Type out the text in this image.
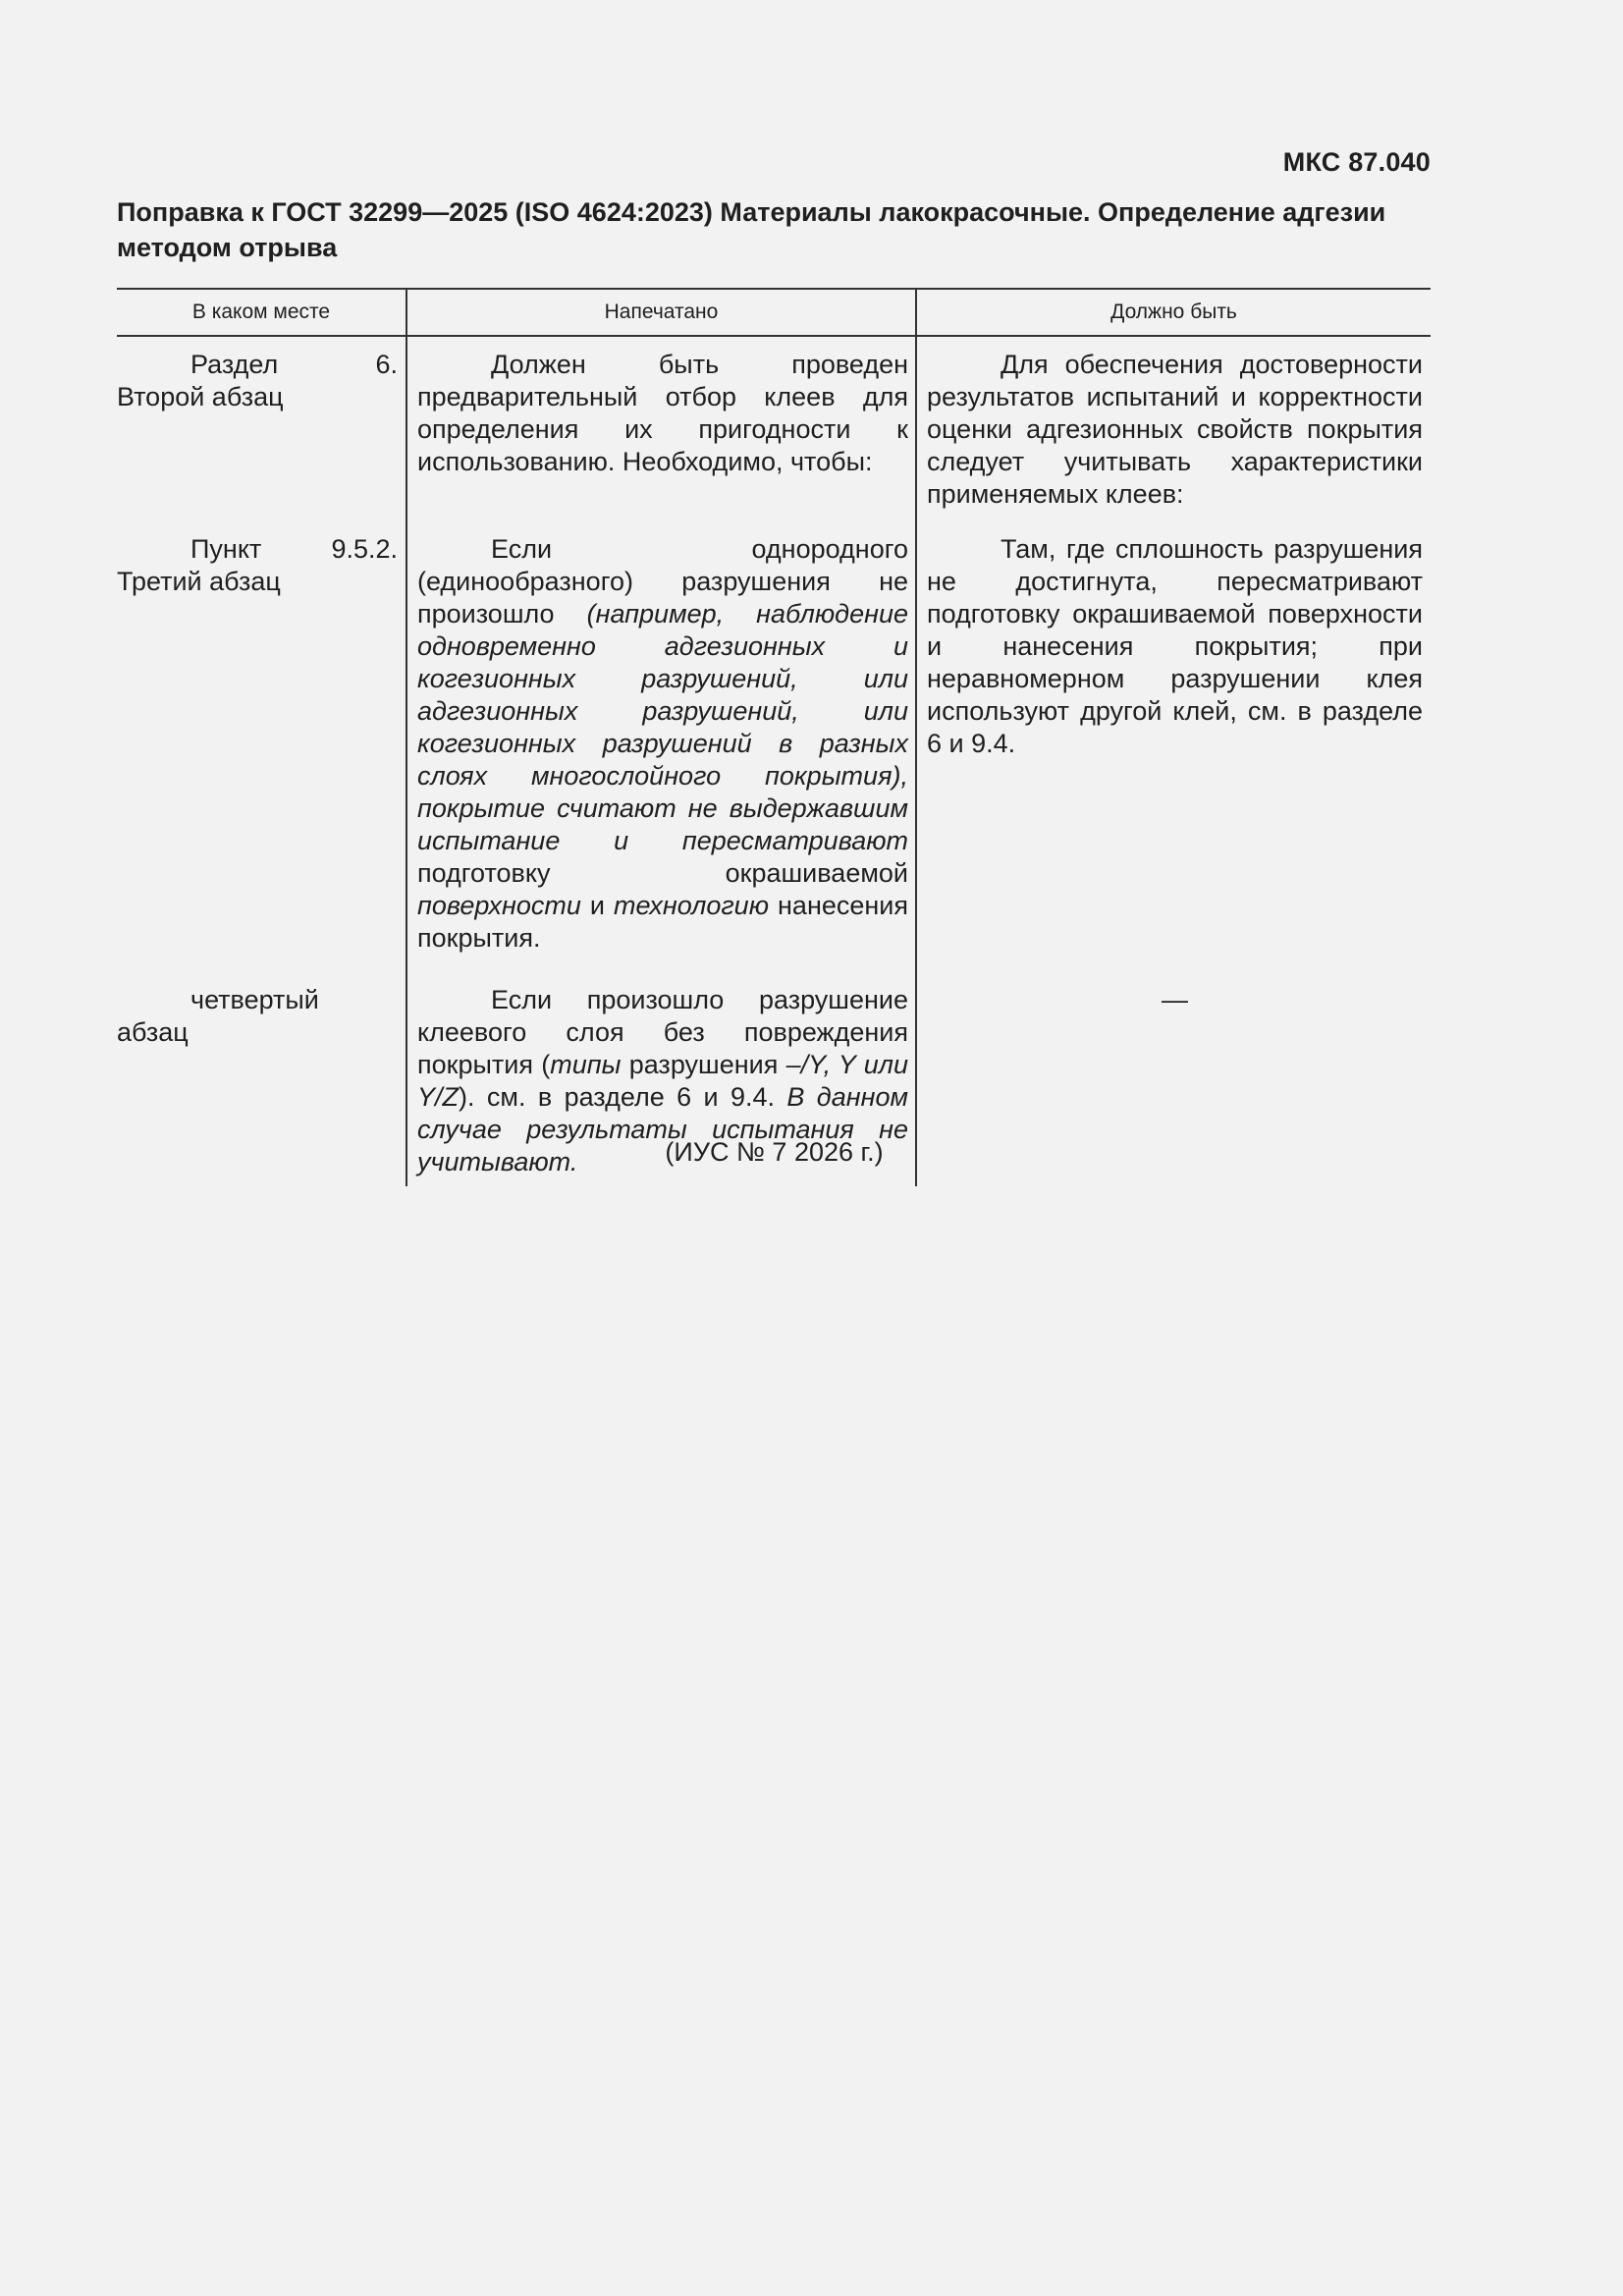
МКС 87.040
Поправка к ГОСТ 32299—2025 (ISO 4624:2023) Материалы лакокрасочные. Определение адгезии методом отрыва
В каком месте	Напечатано	Должно быть

Раздел 6. Второй абзац

Должен быть проведен предварительный отбор клеев для определения их пригодности к использованию. Необходимо, чтобы:

Для обеспечения достоверности результатов испытаний и корректности оценки адгезионных свойств покрытия следует учитывать характеристики применяемых клеев:

Пункт 9.5.2. Третий абзац

Если однородного (единообразного) разрушения не произошло (например, наблюдение одновременно адгезионных и когезионных разрушений, или адгезионных разрушений, или когезионных разрушений в разных слоях многослойного покрытия), покрытие считают не выдержавшим испытание и пересматривают подготовку окрашиваемой поверхности и технологию нанесения покрытия.

Там, где сплошность разрушения не достигнута, пересматривают подготовку окрашиваемой поверхности и нанесения покрытия; при неравномерном разрушении клея используют другой клей, см. в разделе 6 и 9.4.

четвертый абзац

Если произошло разрушение клеевого слоя без повреждения покрытия (типы разрушения –/Y, Y или Y/Z). см. в разделе 6 и 9.4. В данном случае результаты испытания не учитывают.

—

(ИУС № 7 2026 г.)
